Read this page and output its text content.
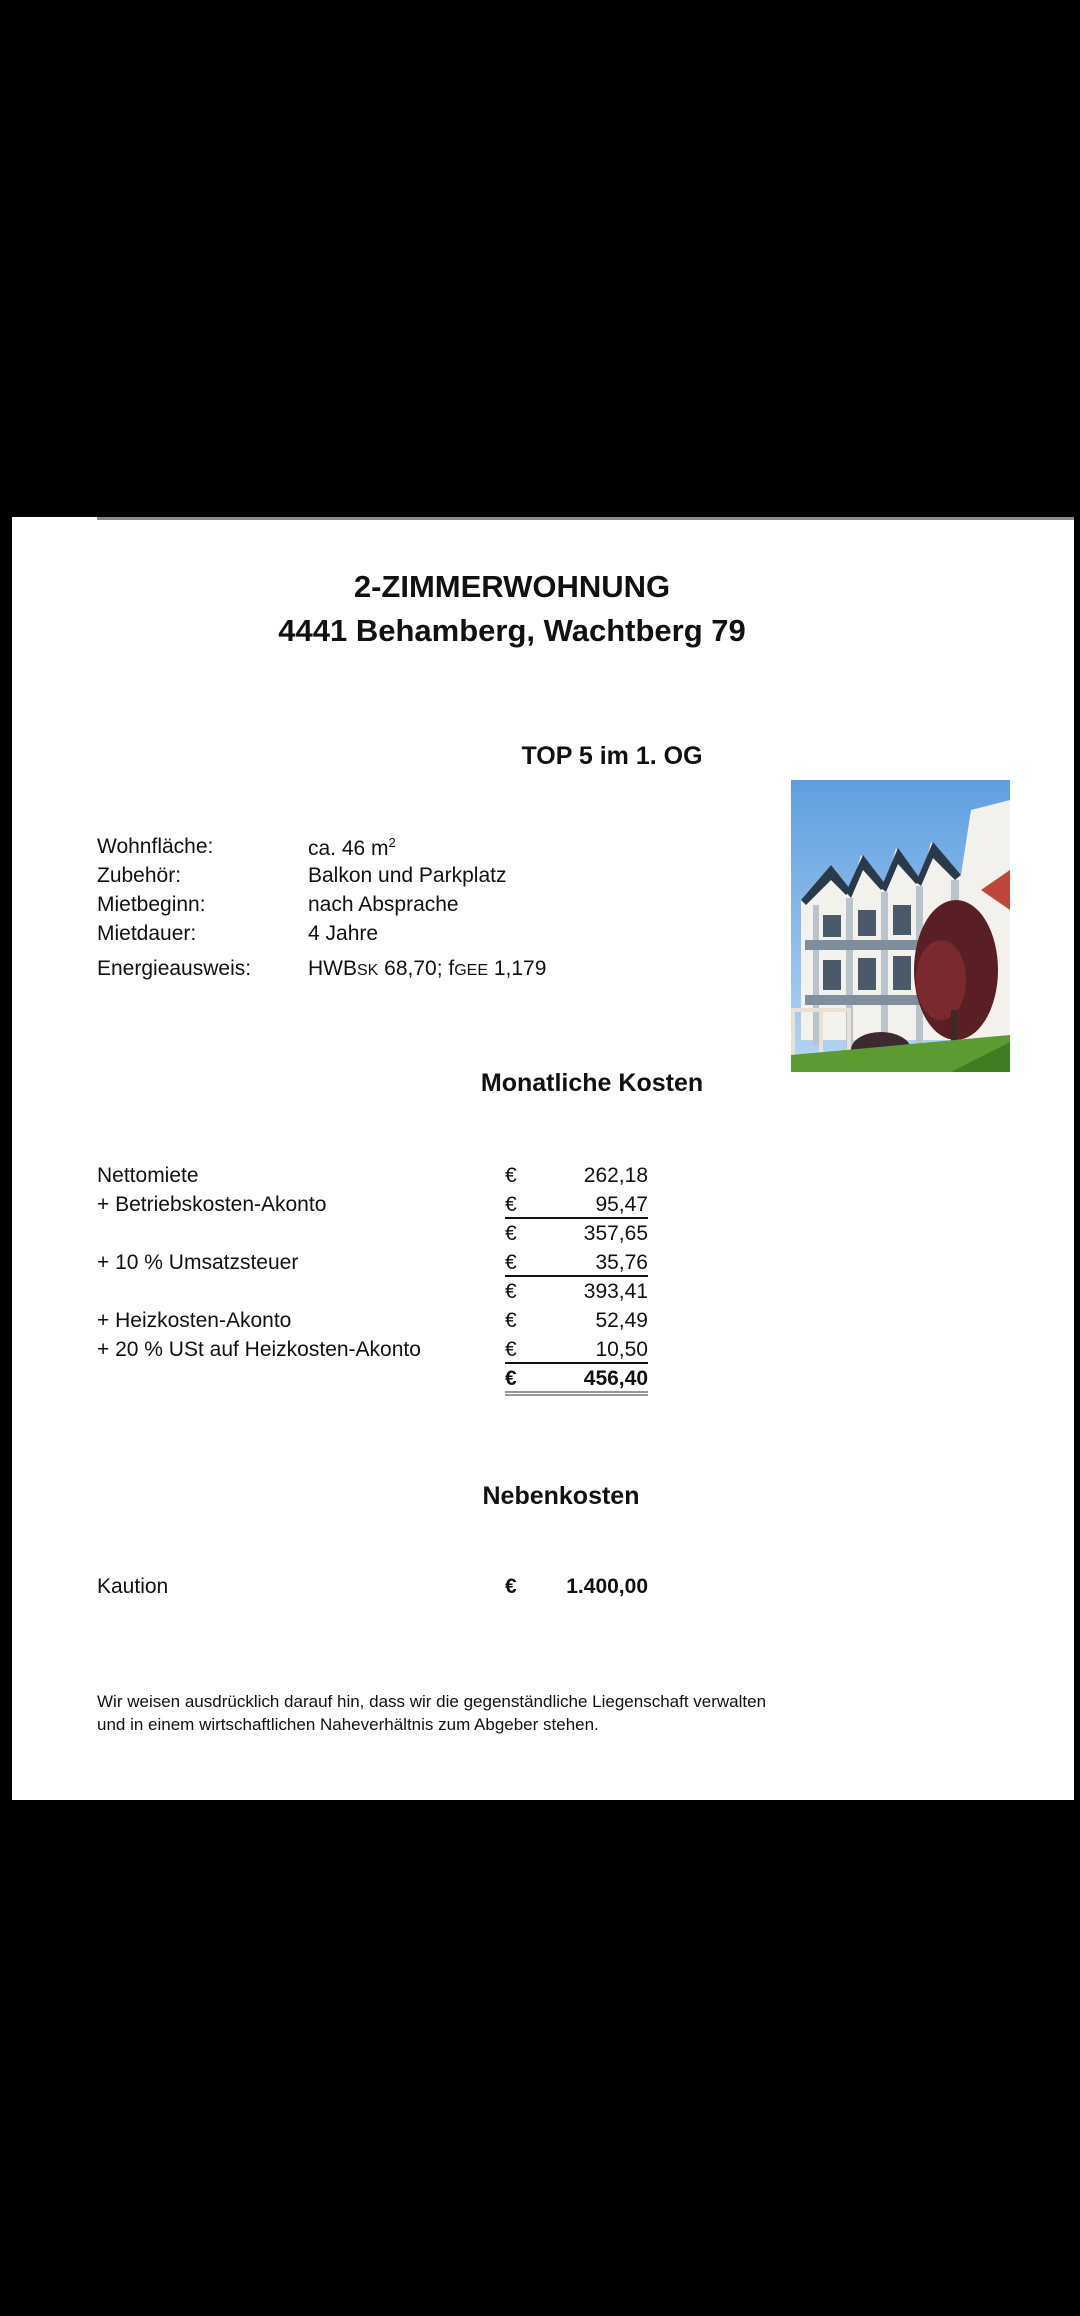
2-ZIMMERWOHNUNG
4441 Behamberg, Wachtberg 79
TOP 5 im 1. OG
Wohnfläche:	ca. 46 $m^2$
Zubehör:	Balkon und Parkplatz
Mietbeginn:	nach Absprache
Mietdauer:	4 Jahre
Energieausweis:	HWBSK 68,70; fGEE 1,179
Monatliche Kosten
Nettomiete	€	262,18
+ Betriebskosten-Akonto	€	95,47
€	357,65
+ 10 % Umsatzsteuer	€	35,76
€	393,41
+ Heizkosten-Akonto	€	52,49
+ 20 % USt auf Heizkosten-Akonto	€	10,50
€	456,40
Nebenkosten
Kaution	€	1.400,00
Wir weisen ausdrücklich darauf hin, dass wir die gegenständliche Liegenschaft verwalten
und in einem wirtschaftlichen Naheverhältnis zum Abgeber stehen.
